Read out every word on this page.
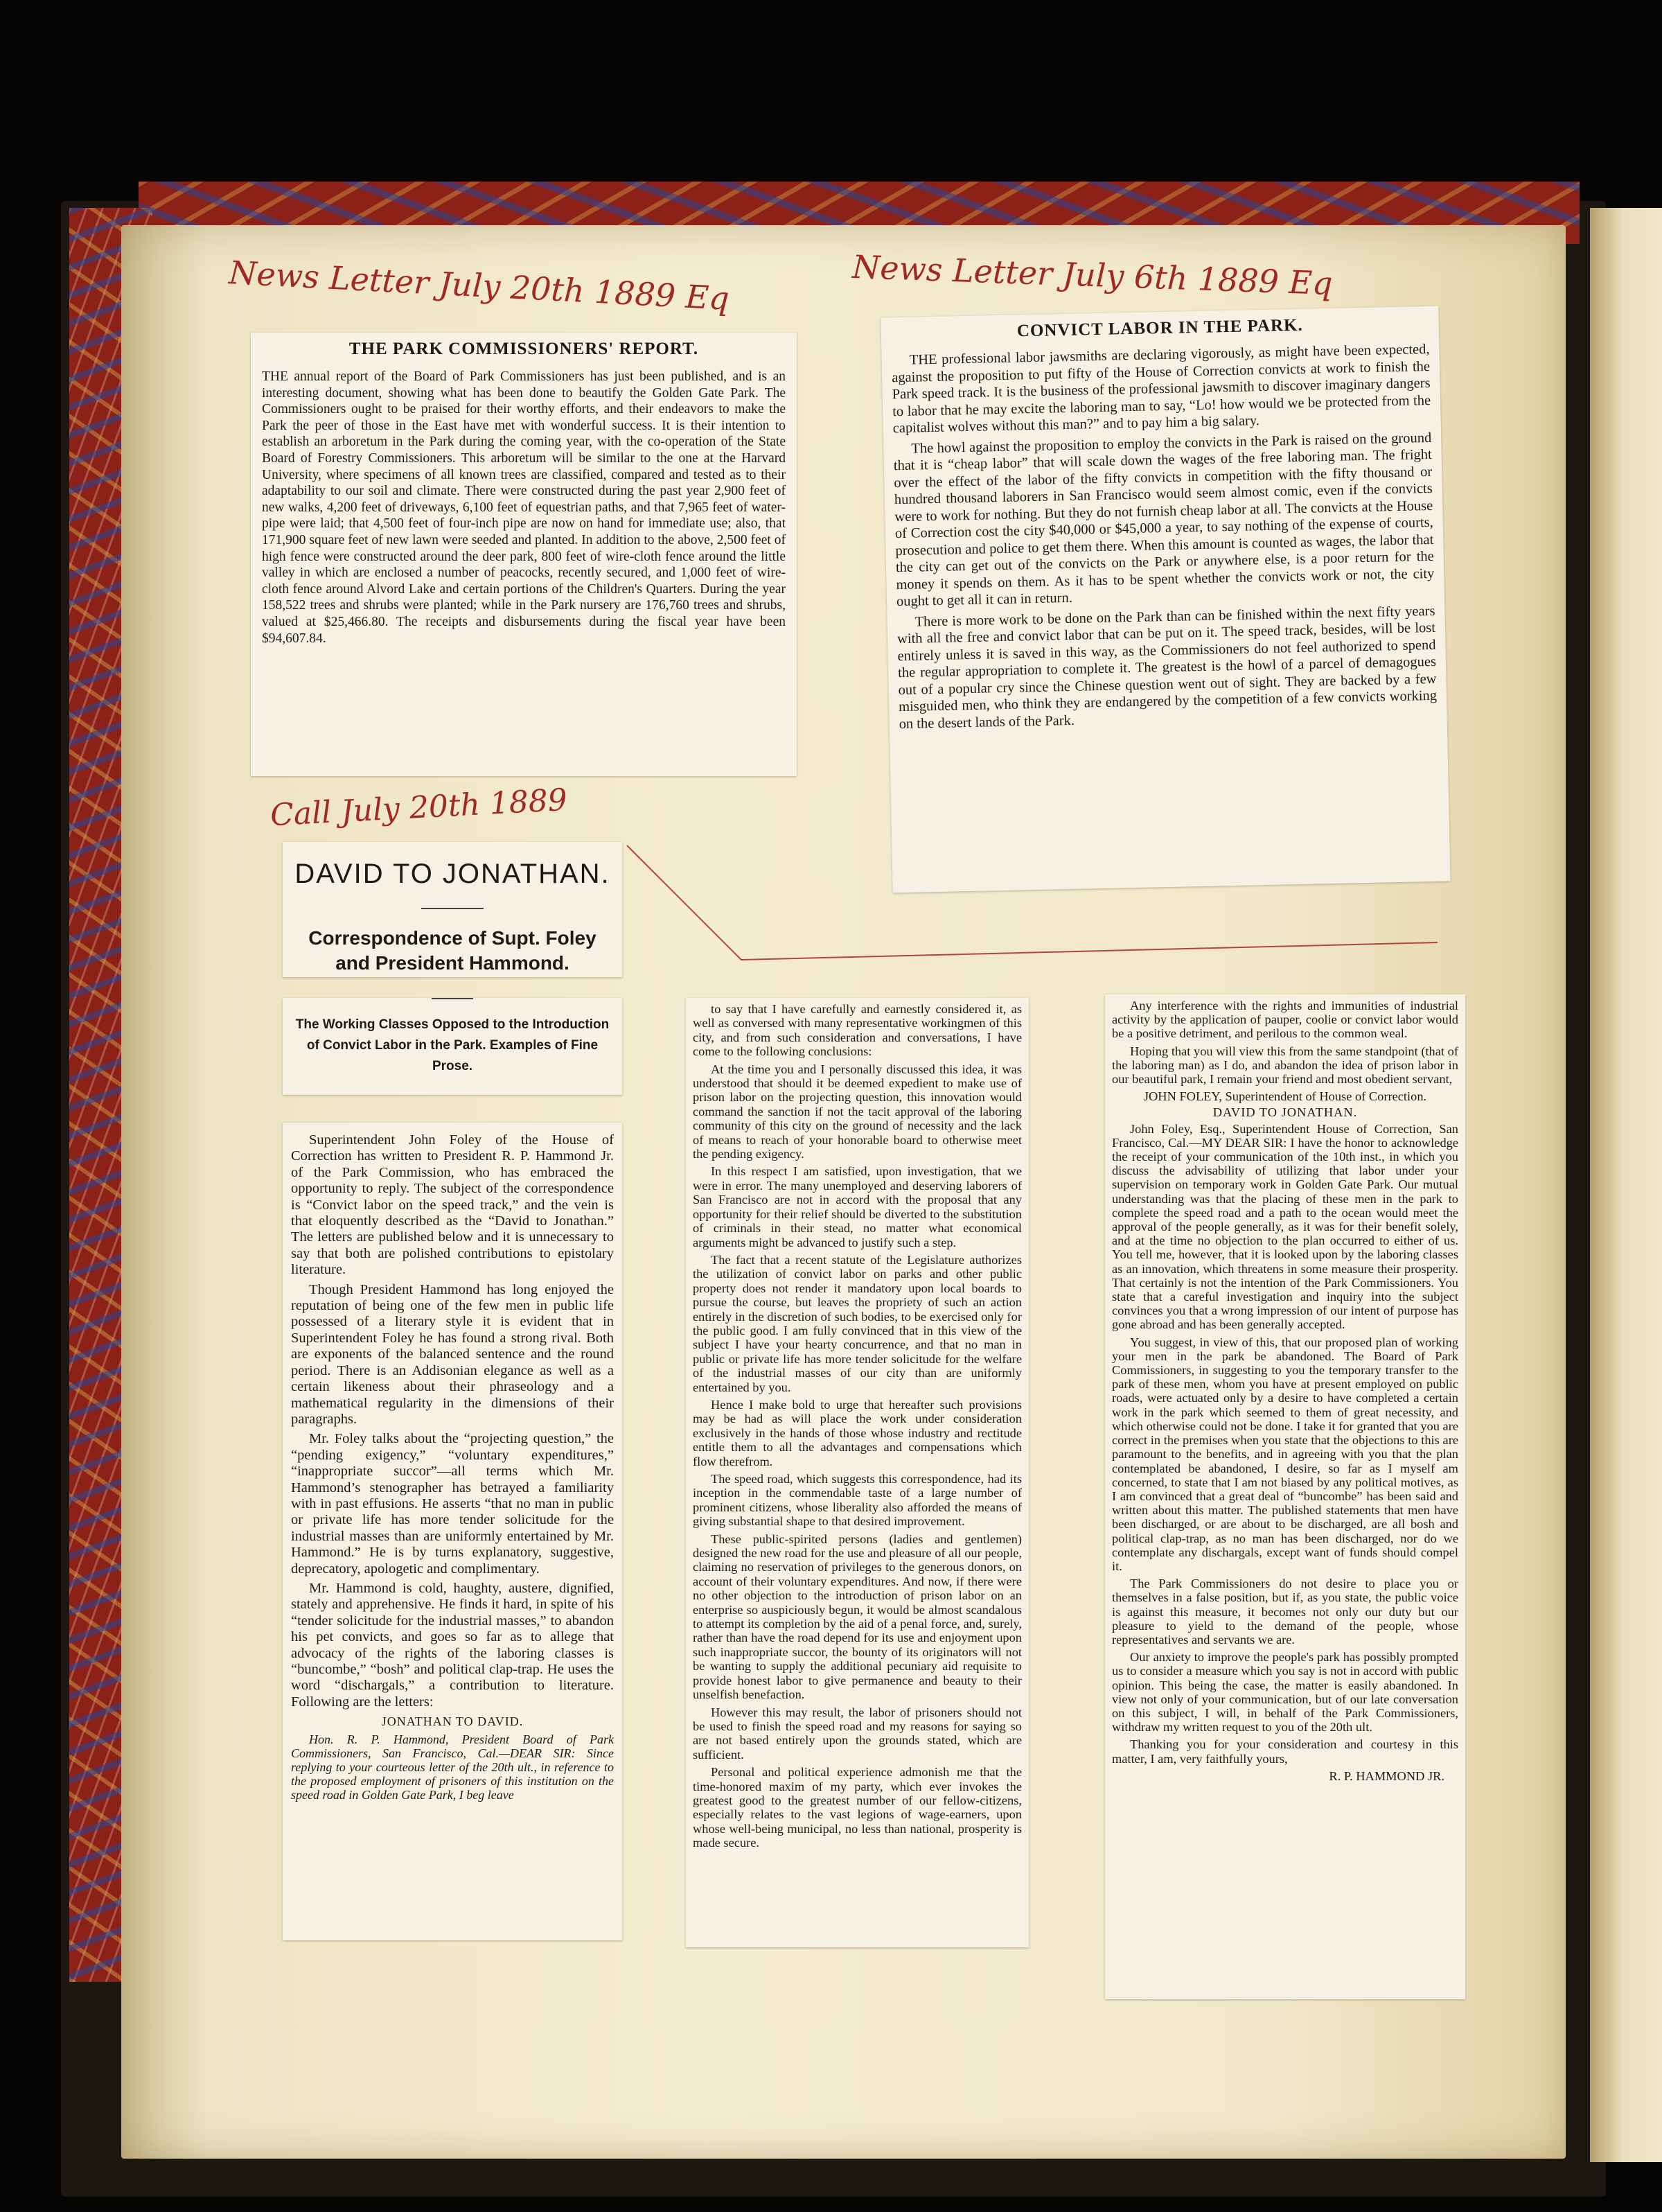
News Letter July 20th 1889 Eq	News Letter July 6th 1889 Eq
Call July 20th 1889
THE PARK COMMISSIONERS' REPORT.
THE annual report of the Board of Park Commissioners has just been published, and is an interesting document, showing what has been done to beautify the Golden Gate Park. The Commissioners ought to be praised for their worthy efforts, and their endeavors to make the Park the peer of those in the East have met with wonderful success. It is their intention to establish an arboretum in the Park during the coming year, with the co-operation of the State Board of Forestry Commissioners. This arboretum will be similar to the one at the Harvard University, where specimens of all known trees are classified, compared and tested as to their adaptability to our soil and climate. There were constructed during the past year 2,900 feet of new walks, 4,200 feet of driveways, 6,100 feet of equestrian paths, and that 7,965 feet of water-pipe were laid; that 4,500 feet of four-inch pipe are now on hand for immediate use; also, that 171,900 square feet of new lawn were seeded and planted. In addition to the above, 2,500 feet of high fence were constructed around the deer park, 800 feet of wire-cloth fence around the little valley in which are enclosed a number of peacocks, recently secured, and 1,000 feet of wire-cloth fence around Alvord Lake and certain portions of the Children's Quarters. During the year 158,522 trees and shrubs were planted; while in the Park nursery are 176,760 trees and shrubs, valued at $25,466.80. The receipts and disbursements during the fiscal year have been $94,607.84.
CONVICT LABOR IN THE PARK.

THE professional labor jawsmiths are declaring vigorously, as might have been expected, against the proposition to put fifty of the House of Correction convicts at work to finish the Park speed track. It is the business of the professional jawsmith to discover imaginary dangers to labor that he may excite the laboring man to say, “Lo! how would we be protected from the capitalist wolves without this man?” and to pay him a big salary.

The howl against the proposition to employ the convicts in the Park is raised on the ground that it is “cheap labor” that will scale down the wages of the free laboring man. The fright over the effect of the labor of the fifty convicts in competition with the fifty thousand or hundred thousand laborers in San Francisco would seem almost comic, even if the convicts were to work for nothing. But they do not furnish cheap labor at all. The convicts at the House of Correction cost the city $40,000 or $45,000 a year, to say nothing of the expense of courts, prosecution and police to get them there. When this amount is counted as wages, the labor that the city can get out of the convicts on the Park or anywhere else, is a poor return for the money it spends on them. As it has to be spent whether the convicts work or not, the city ought to get all it can in return.

There is more work to be done on the Park than can be finished within the next fifty years with all the free and convict labor that can be put on it. The speed track, besides, will be lost entirely unless it is saved in this way, as the Commissioners do not feel authorized to spend the regular appropriation to complete it. The greatest is the howl of a parcel of demagogues out of a popular cry since the Chinese question went out of sight. They are backed by a few misguided men, who think they are endangered by the competition of a few convicts working on the desert lands of the Park.

DAVID TO JONATHAN.
Correspondence of Supt. Foley and President Hammond.
The Working Classes Opposed to the Introduction of Convict Labor in the Park. Examples of Fine Prose.

Superintendent John Foley of the House of Correction has written to President R. P. Hammond Jr. of the Park Commission, who has embraced the opportunity to reply. The subject of the correspondence is “Convict labor on the speed track,” and the vein is that eloquently described as the “David to Jonathan.” The letters are published below and it is unnecessary to say that both are polished contributions to epistolary literature.

Though President Hammond has long enjoyed the reputation of being one of the few men in public life possessed of a literary style it is evident that in Superintendent Foley he has found a strong rival. Both are exponents of the balanced sentence and the round period. There is an Addisonian elegance as well as a certain likeness about their phraseology and a mathematical regularity in the dimensions of their paragraphs.

Mr. Foley talks about the “projecting question,” the “pending exigency,” “voluntary expenditures,” “inappropriate succor”—all terms which Mr. Hammond’s stenographer has betrayed a familiarity with in past effusions. He asserts “that no man in public or private life has more tender solicitude for the industrial masses than are uniformly entertained by Mr. Hammond.” He is by turns explanatory, suggestive, deprecatory, apologetic and complimentary.

Mr. Hammond is cold, haughty, austere, dignified, stately and apprehensive. He finds it hard, in spite of his “tender solicitude for the industrial masses,” to abandon his pet convicts, and goes so far as to allege that advocacy of the rights of the laboring classes is “buncombe,” “bosh” and political clap-trap. He uses the word “dischargals,” a contribution to literature. Following are the letters:

JONATHAN TO DAVID.

Hon. R. P. Hammond, President Board of Park Commissioners, San Francisco, Cal.—DEAR SIR: Since replying to your courteous letter of the 20th ult., in reference to the proposed employment of prisoners of this institution on the speed road in Golden Gate Park, I beg leave

to say that I have carefully and earnestly considered it, as well as conversed with many representative workingmen of this city, and from such consideration and conversations, I have come to the following conclusions:

At the time you and I personally discussed this idea, it was understood that should it be deemed expedient to make use of prison labor on the projecting question, this innovation would command the sanction if not the tacit approval of the laboring community of this city on the ground of necessity and the lack of means to reach of your honorable board to otherwise meet the pending exigency.

In this respect I am satisfied, upon investigation, that we were in error. The many unemployed and deserving laborers of San Francisco are not in accord with the proposal that any opportunity for their relief should be diverted to the substitution of criminals in their stead, no matter what economical arguments might be advanced to justify such a step.

The fact that a recent statute of the Legislature authorizes the utilization of convict labor on parks and other public property does not render it mandatory upon local boards to pursue the course, but leaves the propriety of such an action entirely in the discretion of such bodies, to be exercised only for the public good. I am fully convinced that in this view of the subject I have your hearty concurrence, and that no man in public or private life has more tender solicitude for the welfare of the industrial masses of our city than are uniformly entertained by you.

Hence I make bold to urge that hereafter such provisions may be had as will place the work under consideration exclusively in the hands of those whose industry and rectitude entitle them to all the advantages and compensations which flow therefrom.

The speed road, which suggests this correspondence, had its inception in the commendable taste of a large number of prominent citizens, whose liberality also afforded the means of giving substantial shape to that desired improvement.

These public-spirited persons (ladies and gentlemen) designed the new road for the use and pleasure of all our people, claiming no reservation of privileges to the generous donors, on account of their voluntary expenditures. And now, if there were no other objection to the introduction of prison labor on an enterprise so auspiciously begun, it would be almost scandalous to attempt its completion by the aid of a penal force, and, surely, rather than have the road depend for its use and enjoyment upon such inappropriate succor, the bounty of its originators will not be wanting to supply the additional pecuniary aid requisite to provide honest labor to give permanence and beauty to their unselfish benefaction.

However this may result, the labor of prisoners should not be used to finish the speed road and my reasons for saying so are not based entirely upon the grounds stated, which are sufficient.

Personal and political experience admonish me that the time-honored maxim of my party, which ever invokes the greatest good to the greatest number of our fellow-citizens, especially relates to the vast legions of wage-earners, upon whose well-being municipal, no less than national, prosperity is made secure.

Any interference with the rights and immunities of industrial activity by the application of pauper, coolie or convict labor would be a positive detriment, and perilous to the common weal.

Hoping that you will view this from the same standpoint (that of the laboring man) as I do, and abandon the idea of prison labor in our beautiful park, I remain your friend and most obedient servant,

JOHN FOLEY, Superintendent of House of Correction.
DAVID TO JONATHAN.

John Foley, Esq., Superintendent House of Correction, San Francisco, Cal.—MY DEAR SIR: I have the honor to acknowledge the receipt of your communication of the 10th inst., in which you discuss the advisability of utilizing that labor under your supervision on temporary work in Golden Gate Park. Our mutual understanding was that the placing of these men in the park to complete the speed road and a path to the ocean would meet the approval of the people generally, as it was for their benefit solely, and at the time no objection to the plan occurred to either of us. You tell me, however, that it is looked upon by the laboring classes as an innovation, which threatens in some measure their prosperity. That certainly is not the intention of the Park Commissioners. You state that a careful investigation and inquiry into the subject convinces you that a wrong impression of our intent of purpose has gone abroad and has been generally accepted.

You suggest, in view of this, that our proposed plan of working your men in the park be abandoned. The Board of Park Commissioners, in suggesting to you the temporary transfer to the park of these men, whom you have at present employed on public roads, were actuated only by a desire to have completed a certain work in the park which seemed to them of great necessity, and which otherwise could not be done. I take it for granted that you are correct in the premises when you state that the objections to this are paramount to the benefits, and in agreeing with you that the plan contemplated be abandoned, I desire, so far as I myself am concerned, to state that I am not biased by any political motives, as I am convinced that a great deal of “buncombe” has been said and written about this matter. The published statements that men have been discharged, or are about to be discharged, are all bosh and political clap-trap, as no man has been discharged, nor do we contemplate any dischargals, except want of funds should compel it.

The Park Commissioners do not desire to place you or themselves in a false position, but if, as you state, the public voice is against this measure, it becomes not only our duty but our pleasure to yield to the demand of the people, whose representatives and servants we are.

Our anxiety to improve the people's park has possibly prompted us to consider a measure which you say is not in accord with public opinion. This being the case, the matter is easily abandoned. In view not only of your communication, but of our late conversation on this subject, I will, in behalf of the Park Commissioners, withdraw my written request to you of the 20th ult.

Thanking you for your consideration and courtesy in this matter, I am, very faithfully yours,

R. P. HAMMOND JR.
